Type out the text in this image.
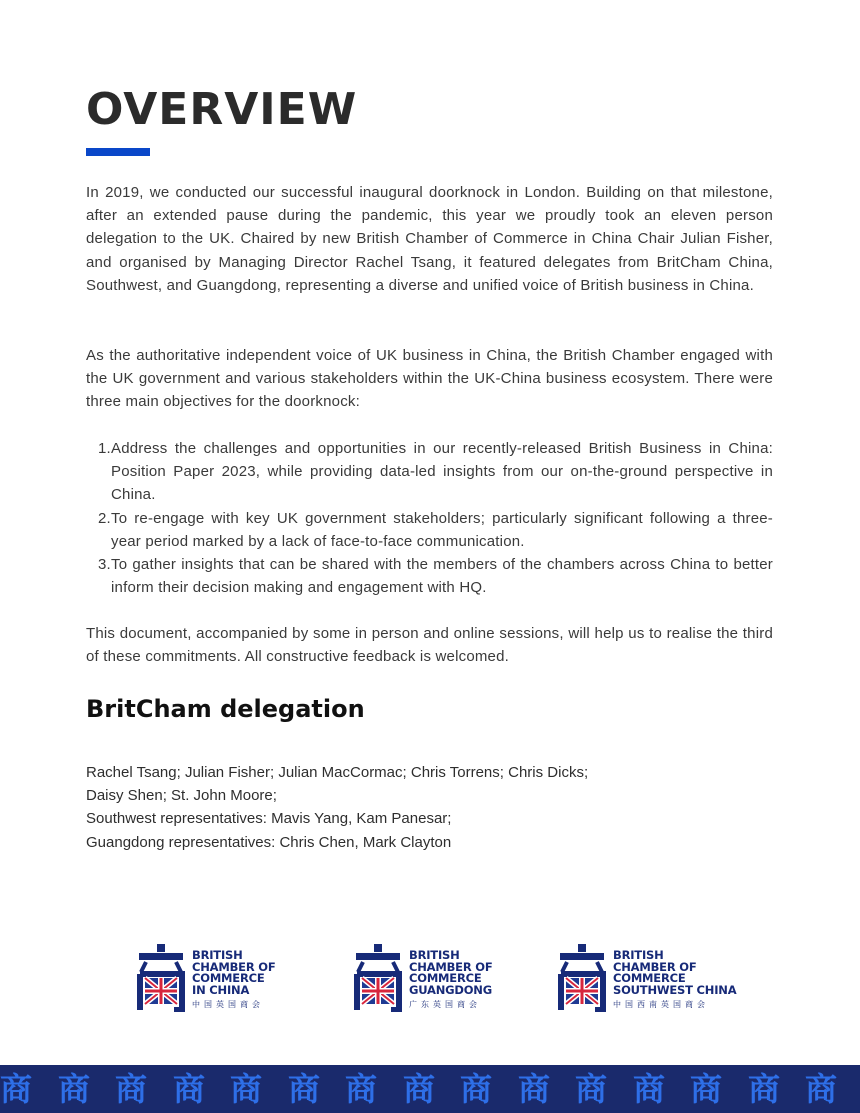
OVERVIEW

In 2019, we conducted our successful inaugural doorknock in London. Building on that milestone, after an extended pause during the pandemic, this year we proudly took an eleven person delegation to the UK. Chaired by new British Chamber of Commerce in China Chair Julian Fisher, and organised by Managing Director Rachel Tsang, it featured delegates from BritCham China, Southwest, and Guangdong, representing a diverse and unified voice of British business in China.

As the authoritative independent voice of UK business in China, the British Chamber engaged with the UK government and various stakeholders within the UK-China business ecosystem. There were three main objectives for the doorknock:

1. Address the challenges and opportunities in our recently-released British Business in China: Position Paper 2023, while providing data-led insights from our on-the-ground perspective in China.
2. To re-engage with key UK government stakeholders; particularly significant following a three-year period marked by a lack of face-to-face communication.
3. To gather insights that can be shared with the members of the chambers across China to better inform their decision making and engagement with HQ.

This document, accompanied by some in person and online sessions, will help us to realise the third of these commitments. All constructive feedback is welcomed.

BritCham delegation
Rachel Tsang; Julian Fisher; Julian MacCormac; Chris Torrens; Chris Dicks;
Daisy Shen; St. John Moore;
Southwest representatives: Mavis Yang, Kam Panesar;
Guangdong representatives: Chris Chen, Mark Clayton
BRITISH
CHAMBER OF
COMMERCE
IN CHINA
中国英国商会
BRITISH
CHAMBER OF
COMMERCE
GUANGDONG
广东英国商会
BRITISH
CHAMBER OF
COMMERCE
SOUTHWEST CHINA
中国西南英国商会
商 商 商 商 商 商 商 商 商 商 商 商 商 商 商
